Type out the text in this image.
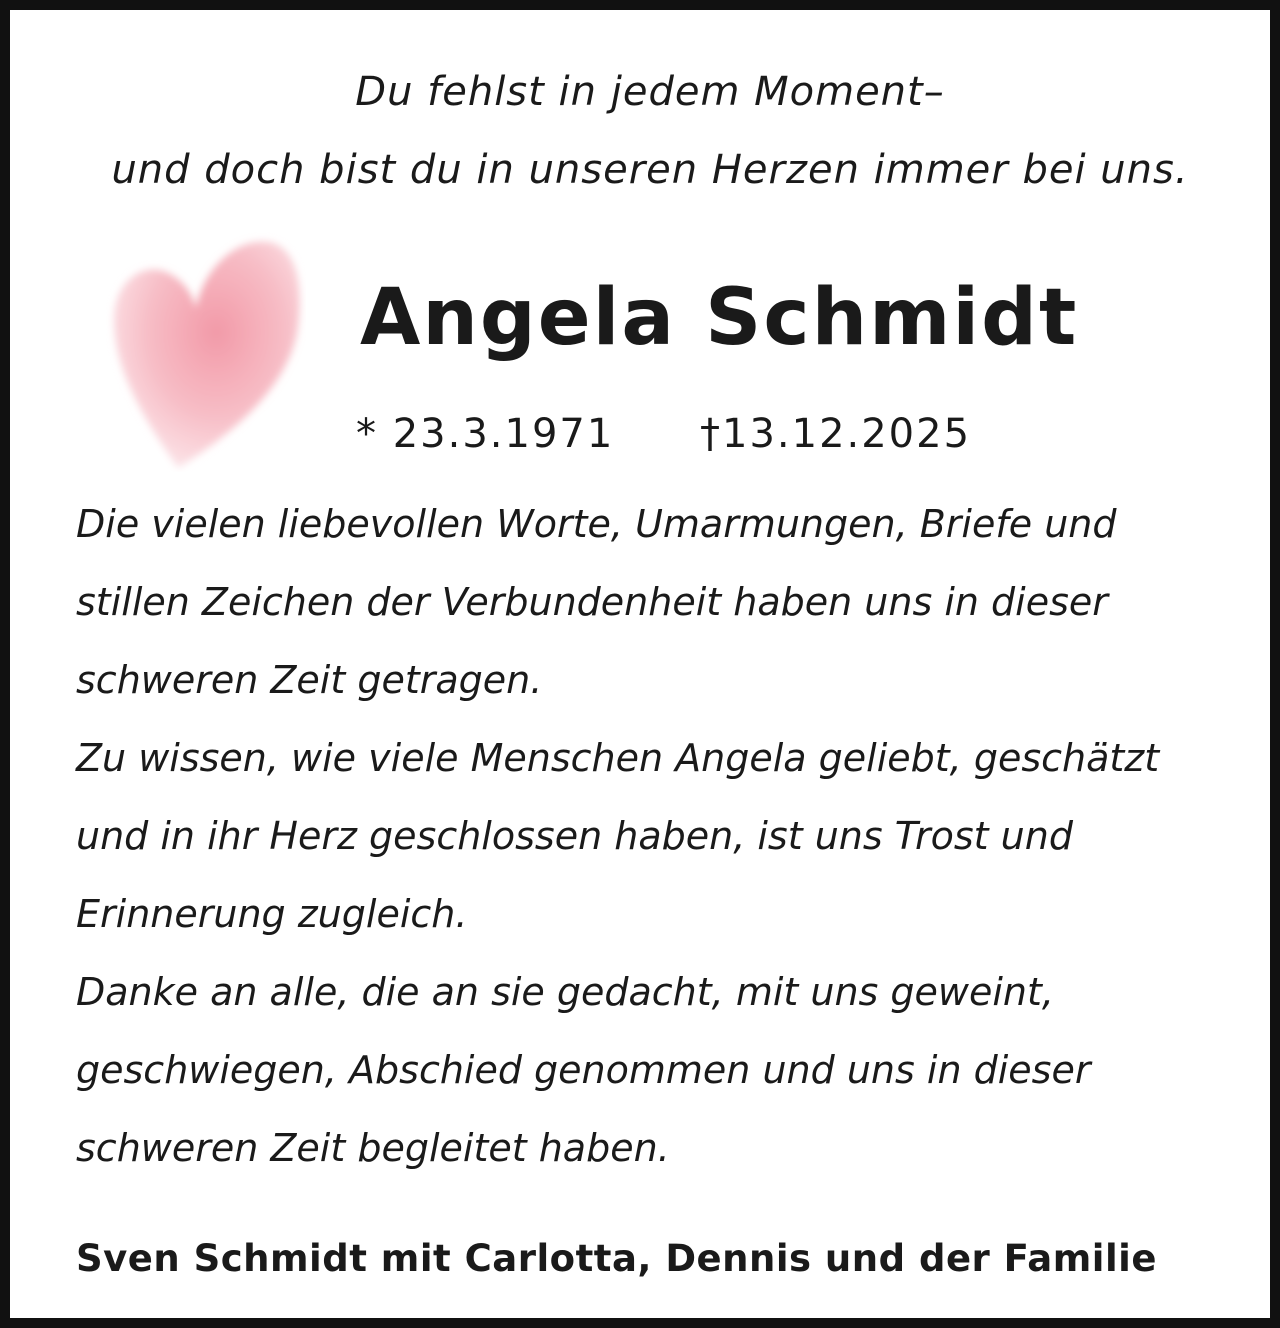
Du fehlst in jedem Moment–

und doch bist du in unseren Herzen immer bei uns.

Angela Schmidt
* 23.3.1971 †13.12.2025

Die vielen liebevollen Worte, Umarmungen, Briefe und

stillen Zeichen der Verbundenheit haben uns in dieser

schweren Zeit getragen.

Zu wissen, wie viele Menschen Angela geliebt, geschätzt

und in ihr Herz geschlossen haben, ist uns Trost und

Erinnerung zugleich.

Danke an alle, die an sie gedacht, mit uns geweint,

geschwiegen, Abschied genommen und uns in dieser

schweren Zeit begleitet haben.

Sven Schmidt mit Carlotta, Dennis und der Familie
